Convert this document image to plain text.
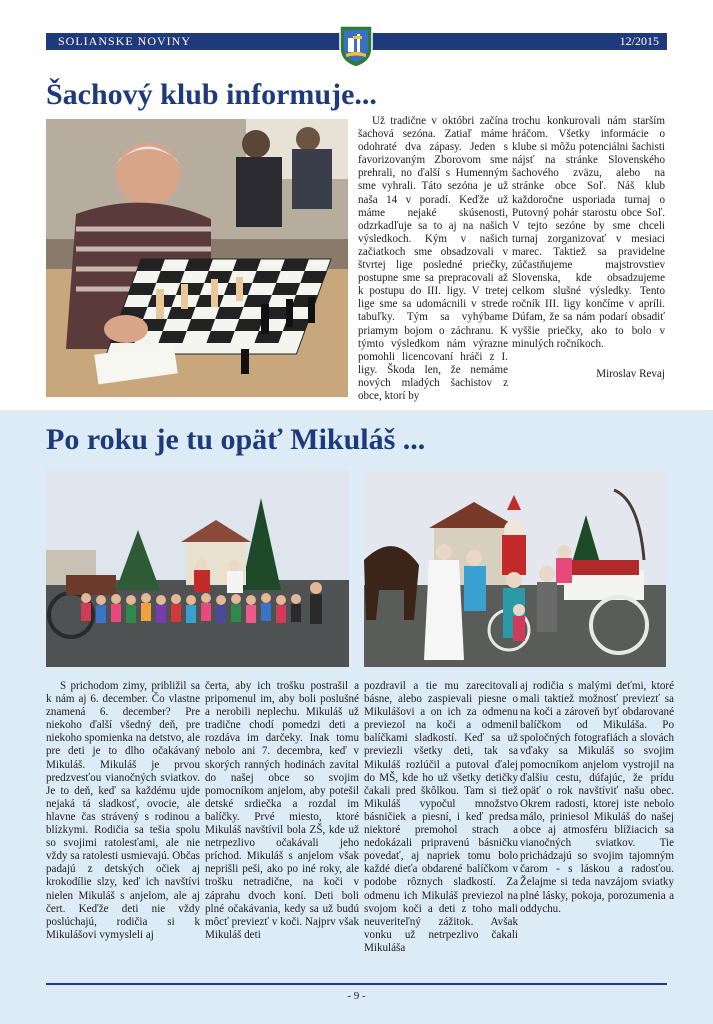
SOLIANSKE NOVINY	12/2015
Šachový klub informuje...

Už tradične v októbri začína šachová sezóna. Zatiaľ máme odohraté dva zápasy. Jeden s favorizovaným Zborovom sme prehrali, no ďalší s Humenným sme vyhrali. Táto sezóna je už naša 14 v poradí. Keďže už máme nejaké skúsenosti, odzrkadľuje sa to aj na našich výsledkoch. Kým v našich začiatkoch sme obsadzovali v štvrtej lige posledné priečky, postupne sme sa prepracovali až k postupu do III. ligy. V tretej lige sme sa udomácnili v strede tabuľky. Tým sa vyhýbame priamym bojom o záchranu. K týmto výsledkom nám výrazne pomohli licencovaní hráči z I. ligy. Škoda len, že nemáme nových mladých šachistov z obce, ktorí by

trochu konkurovali nám starším hráčom. Všetky informácie o klube si môžu potenciálni šachisti nájsť na stránke Slovenského šachového zväzu, alebo na stránke obce Soľ. Náš klub každoročne usporiada turnaj o Putovný pohár starostu obce Soľ. V tejto sezóne by sme chceli turnaj zorganizovať v mesiaci marec. Taktiež sa pravidelne zúčastňujeme majstrovstiev Slovenska, kde obsadzujeme celkom slušné výsledky. Tento ročník III. ligy končíme v apríli. Dúfam, že sa nám podarí obsadiť vyššie priečky, ako to bolo v minulých ročníkoch.

Miroslav Revaj

Po roku je tu opäť Mikuláš ...

S prichodom zimy, približil sa k nám aj 6. december. Čo vlastne znamená 6. december? Pre niekoho ďalší všedný deň, pre niekoho spomienka na detstvo, ale pre deti je to dlho očakávaný Mikuláš. Mikuláš je prvou predzvesťou vianočných sviatkov. Je to deň, keď sa každému ujde nejaká tá sladkosť, ovocie, ale hlavne čas strávený s rodinou a blízkymi. Rodičia sa tešia spolu so svojimi ratolesťami, ale nie vždy sa ratolesti usmievajú. Občas padajú z detských očiek aj krokodílie slzy, keď ich navštívi nielen Mikuláš s anjelom, ale aj čert. Keďže deti nie vždy poslúchajú, rodičia si k Mikulášovi vymysleli aj

čerta, aby ich trošku postrašil a pripomenul im, aby boli poslušné a nerobili neplechu. Mikuláš už tradične chodí pomedzi deti a rozdáva im darčeky. Inak tomu nebolo ani 7. decembra, keď v skorých ranných hodinách zavítal do našej obce so svojim pomocníkom anjelom, aby potešil detské srdiečka a rozdal im balíčky. Prvé miesto, ktoré Mikuláš navštívil bola ZŠ, kde už netrpezlivo očakávali jeho príchod. Mikuláš s anjelom však neprišli peši, ako po iné roky, ale trošku netradične, na koči v záprahu dvoch koní. Deti boli plné očakávania, kedy sa už budú môcť previezť v koči. Najprv však Mikuláš deti

pozdravil a tie mu zarecitovali básne, alebo zaspievali piesne o Mikulášovi a on ich za odmenu previezol na koči a odmenil balíčkami sladkostí. Keď sa už previezli všetky deti, tak sa Mikuláš rozlúčil a putoval ďalej do MŠ, kde ho už všetky detičky čakali pred škôlkou. Tam si tiež Mikuláš vypočul množstvo básničiek a piesní, i keď predsa niektoré premohol strach a nedokázali pripravenú básničku povedať, aj napriek tomu bolo každé dieťa obdarené balíčkom v podobe rôznych sladkostí. Za odmenu ich Mikuláš previezol na svojom koči a deti z toho mali neuveriteľný zážitok. Avšak vonku už netrpezlivo čakali Mikuláša

aj rodičia s malými deťmi, ktoré mali taktiež možnosť previezť sa na koči a zároveň byť obdarované balíčkom od Mikuláša. Po spoločných fotografiách a slovách vďaky sa Mikuláš so svojim pomocníkom anjelom vystrojil na ďalšiu cestu, dúfajúc, že prídu opäť o rok navštíviť našu obec. Okrem radosti, ktorej iste nebolo málo, priniesol Mikuláš do našej obce aj atmosféru blížiacich sa vianočných sviatkov. Tie prichádzajú so svojim tajomným čarom - s láskou a radosťou. Želajme si teda navzájom sviatky plné lásky, pokoja, porozumenia a oddychu.

- 9 -
